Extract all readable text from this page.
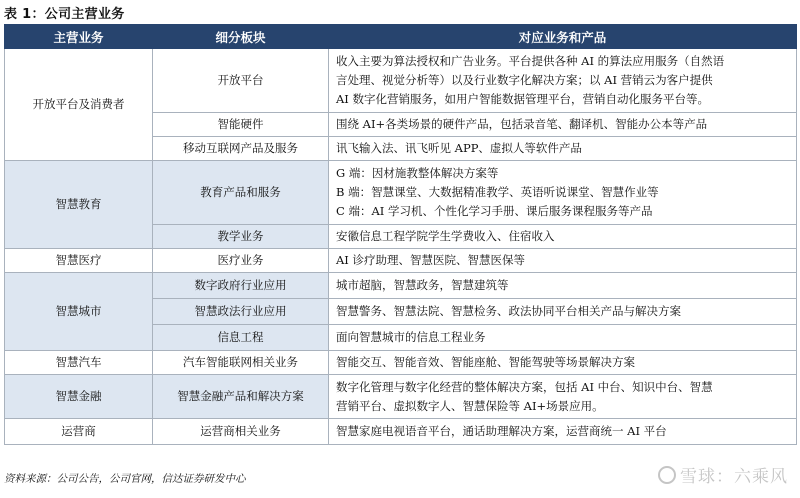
表 1：公司主营业务
主营业务	细分板块	对应业务和产品
开放平台及消费者	开放平台	收入主要为算法授权和广告业务。平台提供各种 AI 的算法应用服务（自然语
言处理、视觉分析等）以及行业数字化解决方案；以 AI 营销云为客户提供
AI 数字化营销服务，如用户智能数据管理平台，营销自动化服务平台等。

	智能硬件	围绕 AI+各类场景的硬件产品，包括录音笔、翻译机、智能办公本等产品

	移动互联网产品及服务	讯飞输入法、讯飞听见 APP、虚拟人等软件产品

智慧教育	教育产品和服务	G 端：因材施教整体解决方案等
B 端：智慧课堂、大数据精准教学、英语听说课堂、智慧作业等
C 端：AI 学习机、个性化学习手册、课后服务课程服务等产品

	教学业务	安徽信息工程学院学生学费收入、住宿收入

智慧医疗	医疗业务	AI 诊疗助理、智慧医院、智慧医保等

智慧城市	数字政府行业应用	城市超脑，智慧政务，智慧建筑等

	智慧政法行业应用	智慧警务、智慧法院、智慧检务、政法协同平台相关产品与解决方案

	信息工程	面向智慧城市的信息工程业务

智慧汽车	汽车智能联网相关业务	智能交互、智能音效、智能座舱、智能驾驶等场景解决方案

智慧金融	智慧金融产品和解决方案	数字化管理与数字化经营的整体解决方案，包括 AI 中台、知识中台、智慧
营销平台、虚拟数字人、智慧保险等 AI+场景应用。

运营商	运营商相关业务	智慧家庭电视语音平台，通话助理解决方案，运营商统一 AI 平台
资料来源：公司公告，公司官网，信达证券研发中心	雪球：六乘风
